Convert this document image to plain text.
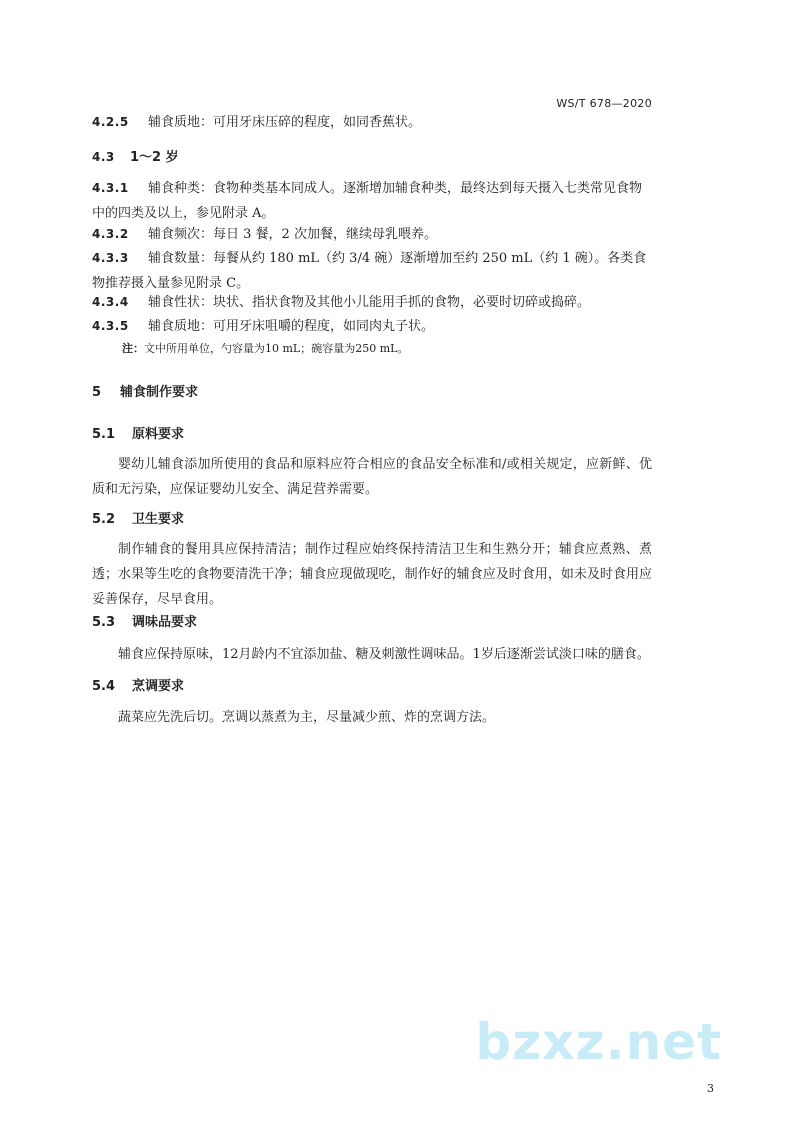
WS/T 678—2020
4.2.5 辅食质地：可用牙床压碎的程度，如同香蕉状。
4.3 1～2 岁
4.3.1 辅食种类：食物种类基本同成人。逐渐增加辅食种类，最终达到每天摄入七类常见食物中的四类及以上，参见附录 A。
4.3.2 辅食频次：每日 3 餐，2 次加餐，继续母乳喂养。
4.3.3 辅食数量：每餐从约 180 mL（约 3/4 碗）逐渐增加至约 250 mL（约 1 碗）。各类食物推荐摄入量参见附录 C。
4.3.4 辅食性状：块状、指状食物及其他小儿能用手抓的食物，必要时切碎或捣碎。
4.3.5 辅食质地：可用牙床咀嚼的程度，如同肉丸子状。
注：文中所用单位，勺容量为10 mL；碗容量为250 mL。
5 辅食制作要求
5.1 原料要求
婴幼儿辅食添加所使用的食品和原料应符合相应的食品安全标准和/或相关规定，应新鲜、优质和无污染，应保证婴幼儿安全、满足营养需要。
5.2 卫生要求
制作辅食的餐用具应保持清洁；制作过程应始终保持清洁卫生和生熟分开；辅食应煮熟、煮透；水果等生吃的食物要清洗干净；辅食应现做现吃，制作好的辅食应及时食用，如未及时食用应妥善保存，尽早食用。
5.3 调味品要求
辅食应保持原味，12月龄内不宜添加盐、糖及刺激性调味品。1岁后逐渐尝试淡口味的膳食。
5.4 烹调要求
蔬菜应先洗后切。烹调以蒸煮为主，尽量减少煎、炸的烹调方法。
bzxz.net
3
